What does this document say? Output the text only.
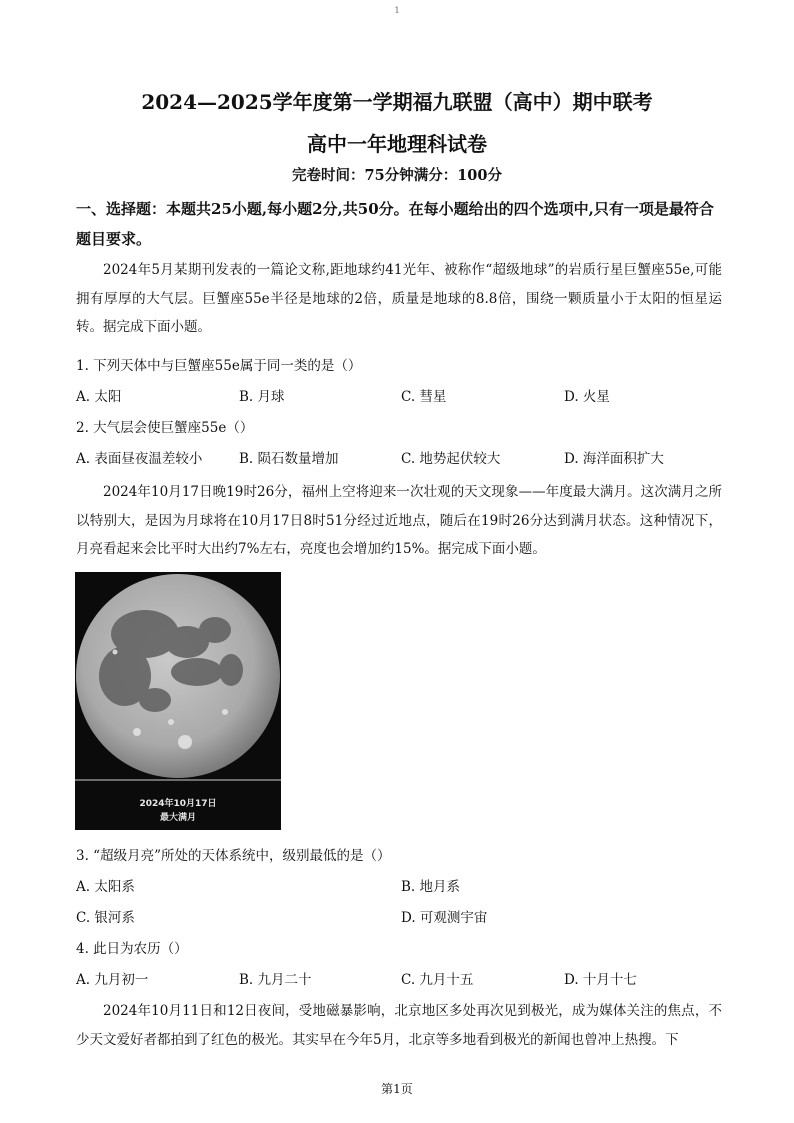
1
2024—2025学年度第一学期福九联盟（高中）期中联考
高中一年地理科试卷
完卷时间：75分钟满分：100分
一、选择题：本题共25小题,每小题2分,共50分。在每小题给出的四个选项中,只有一项是最符合题目要求。
2024年5月某期刊发表的一篇论文称,距地球约41光年、被称作“超级地球”的岩质行星巨蟹座55e,可能拥有厚厚的大气层。巨蟹座55e半径是地球的2倍，质量是地球的8.8倍，围绕一颗质量小于太阳的恒星运转。据完成下面小题。
1. 下列天体中与巨蟹座55e属于同一类的是（）
A. 太阳	B. 月球	C. 彗星	D. 火星
2. 大气层会使巨蟹座55e（）
A. 表面昼夜温差较小	B. 陨石数量增加	C. 地势起伏较大	D. 海洋面积扩大
2024年10月17日晚19时26分，福州上空将迎来一次壮观的天文现象——年度最大满月。这次满月之所以特别大，是因为月球将在10月17日8时51分经过近地点，随后在19时26分达到满月状态。这种情况下，月亮看起来会比平时大出约7%左右，亮度也会增加约15%。据完成下面小题。
2024年10月17日
最大满月
3. “超级月亮”所处的天体系统中，级别最低的是（）
A. 太阳系	B. 地月系
C. 银河系	D. 可观测宇宙
4. 此日为农历（）
A. 九月初一	B. 九月二十	C. 九月十五	D. 十月十七
2024年10月11日和12日夜间，受地磁暴影响，北京地区多处再次见到极光，成为媒体关注的焦点，不少天文爱好者都拍到了红色的极光。其实早在今年5月，北京等多地看到极光的新闻也曾冲上热搜。下
第1页
